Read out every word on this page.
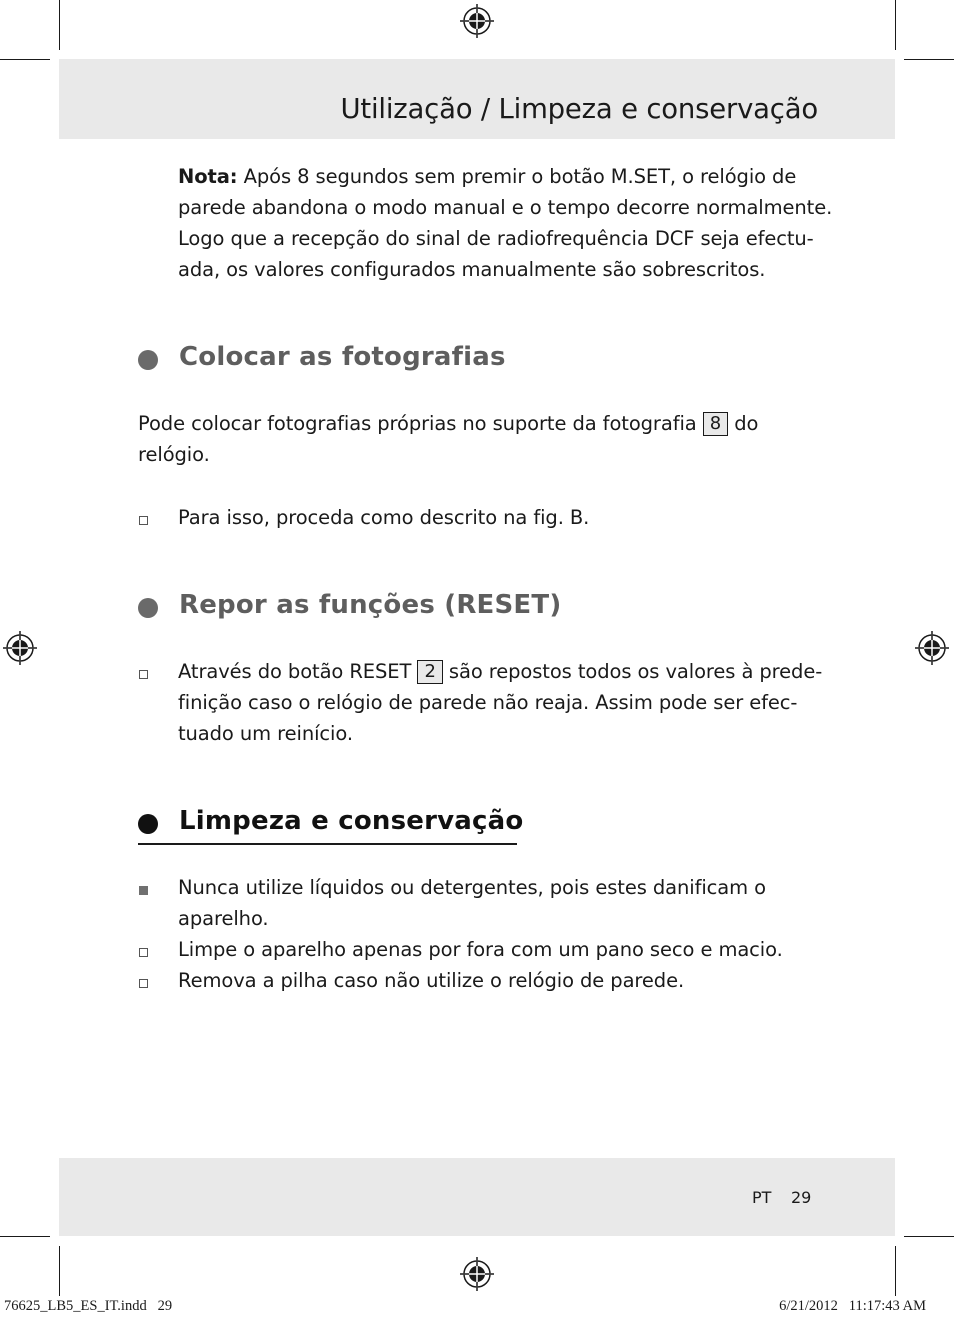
Utilização / Limpeza e conservação
Nota: Após 8 segundos sem premir o botão M.SET, o relógio de
parede abandona o modo manual e o tempo decorre normalmente.
Logo que a recepção do sinal de radiofrequência DCF seja efectu-
ada, os valores configurados manualmente são sobrescritos.
Colocar as fotografias
Pode colocar fotografias próprias no suporte da fotografia 8 do
relógio.
Para isso, proceda como descrito na fig. B.
Repor as funções (RESET)
Através do botão RESET 2 são repostos todos os valores à prede-
finição caso o relógio de parede não reaja. Assim pode ser efec-
tuado um reinício.
Limpeza e conservação
Nunca utilize líquidos ou detergentes, pois estes danificam o
aparelho.
Limpe o aparelho apenas por fora com um pano seco e macio.
Remova a pilha caso não utilize o relógio de parede.
PT 29
76625_LB5_ES_IT.indd   29	6/21/2012   11:17:43 AM
